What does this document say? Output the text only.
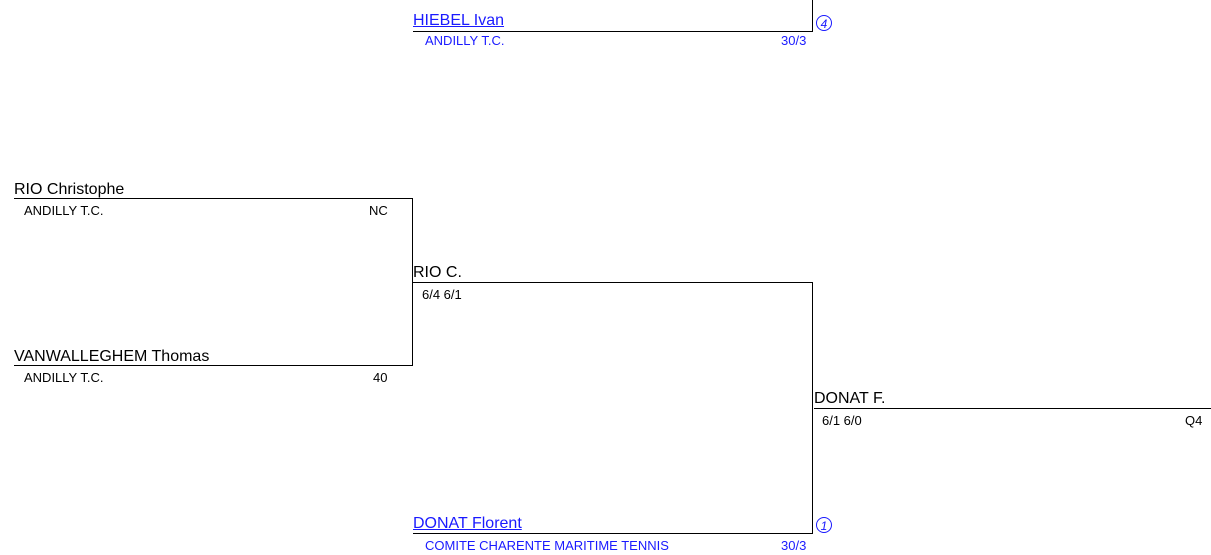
HIEBEL Ivan
ANDILLY T.C.	30/3
4
RIO Christophe
ANDILLY T.C.	NC
VANWALLEGHEM Thomas
ANDILLY T.C.	40
RIO C.
6/4 6/1
DONAT Florent
COMITE CHARENTE MARITIME TENNIS	30/3
1
DONAT F.
6/1 6/0	Q4
